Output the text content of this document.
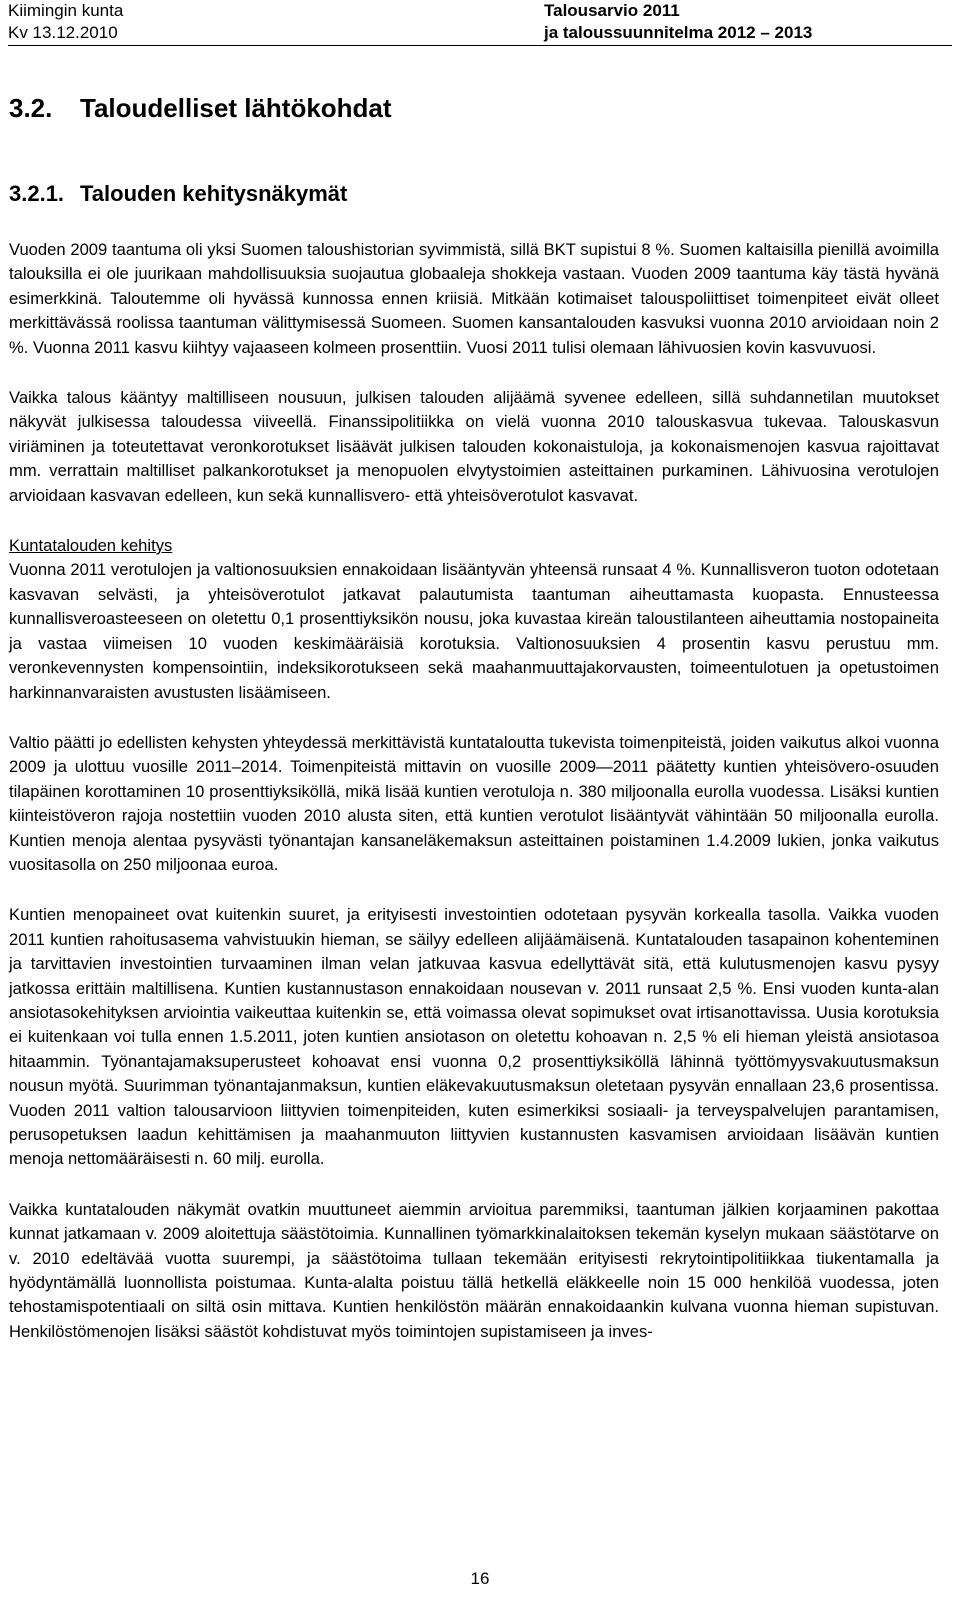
Kiimingin kunta
Kv 13.12.2010
Talousarvio 2011
ja taloussuunnitelma 2012 – 2013
3.2. Taloudelliset lähtökohdat
3.2.1. Talouden kehitysnäkymät

Vuoden 2009 taantuma oli yksi Suomen taloushistorian syvimmistä, sillä BKT supistui 8 %. Suomen kaltaisilla pienillä avoimilla talouksilla ei ole juurikaan mahdollisuuksia suojautua globaaleja shokkeja vastaan. Vuoden 2009 taantuma käy tästä hyvänä esimerkkinä. Taloutemme oli hyvässä kunnossa ennen kriisiä. Mitkään kotimaiset talouspoliittiset toimenpiteet eivät olleet merkittävässä roolissa taantuman välittymisessä Suomeen. Suomen kansantalouden kasvuksi vuonna 2010 arvioidaan noin 2 %. Vuonna 2011 kasvu kiihtyy vajaaseen kolmeen prosenttiin. Vuosi 2011 tulisi olemaan lähivuosien kovin kasvuvuosi.

Vaikka talous kääntyy maltilliseen nousuun, julkisen talouden alijäämä syvenee edelleen, sillä suhdannetilan muutokset näkyvät julkisessa taloudessa viiveellä. Finanssipolitiikka on vielä vuonna 2010 talouskasvua tukevaa. Talouskasvun viriäminen ja toteutettavat veronkorotukset lisäävät julkisen talouden kokonaistuloja, ja kokonaismenojen kasvua rajoittavat mm. verrattain maltilliset palkankorotukset ja menopuolen elvytystoimien asteittainen purkaminen. Lähivuosina verotulojen arvioidaan kasvavan edelleen, kun sekä kunnallisvero- että yhteisöverotulot kasvavat.

Kuntatalouden kehitys

Vuonna 2011 verotulojen ja valtionosuuksien ennakoidaan lisääntyvän yhteensä runsaat 4 %. Kunnallisveron tuoton odotetaan kasvavan selvästi, ja yhteisöverotulot jatkavat palautumista taantuman aiheuttamasta kuopasta. Ennusteessa kunnallisveroasteeseen on oletettu 0,1 prosenttiyksikön nousu, joka kuvastaa kireän taloustilanteen aiheuttamia nostopaineita ja vastaa viimeisen 10 vuoden keskimääräisiä korotuksia. Valtionosuuksien 4 prosentin kasvu perustuu mm. veronkevennysten kompensointiin, indeksikorotukseen sekä maahanmuuttajakorvausten, toimeentulotuen ja opetustoimen harkinnanvaraisten avustusten lisäämiseen.

Valtio päätti jo edellisten kehysten yhteydessä merkittävistä kuntataloutta tukevista toimenpiteistä, joiden vaikutus alkoi vuonna 2009 ja ulottuu vuosille 2011–2014. Toimenpiteistä mittavin on vuosille 2009—2011 päätetty kuntien yhteisövero-osuuden tilapäinen korottaminen 10 prosenttiyksiköllä, mikä lisää kuntien verotuloja n. 380 miljoonalla eurolla vuodessa. Lisäksi kuntien kiinteistöveron rajoja nostettiin vuoden 2010 alusta siten, että kuntien verotulot lisääntyvät vähintään 50 miljoonalla eurolla. Kuntien menoja alentaa pysyvästi työnantajan kansaneläkemaksun asteittainen poistaminen 1.4.2009 lukien, jonka vaikutus vuositasolla on 250 miljoonaa euroa.

Kuntien menopaineet ovat kuitenkin suuret, ja erityisesti investointien odotetaan pysyvän korkealla tasolla. Vaikka vuoden 2011 kuntien rahoitusasema vahvistuukin hieman, se säilyy edelleen alijäämäisenä. Kuntatalouden tasapainon kohenteminen ja tarvittavien investointien turvaaminen ilman velan jatkuvaa kasvua edellyttävät sitä, että kulutusmenojen kasvu pysyy jatkossa erittäin maltillisena. Kuntien kustannustason ennakoidaan nousevan v. 2011 runsaat 2,5 %. Ensi vuoden kunta-alan ansiotasokehityksen arviointia vaikeuttaa kuitenkin se, että voimassa olevat sopimukset ovat irtisanottavissa. Uusia korotuksia ei kuitenkaan voi tulla ennen 1.5.2011, joten kuntien ansiotason on oletettu kohoavan n. 2,5 % eli hieman yleistä ansiotasoa hitaammin. Työnantajamaksuperusteet kohoavat ensi vuonna 0,2 prosenttiyksiköllä lähinnä työttömyysvakuutusmaksun nousun myötä. Suurimman työnantajanmaksun, kuntien eläkevakuutusmaksun oletetaan pysyvän ennallaan 23,6 prosentissa. Vuoden 2011 valtion talousarvioon liittyvien toimenpiteiden, kuten esimerkiksi sosiaali- ja terveyspalvelujen parantamisen, perusopetuksen laadun kehittämisen ja maahanmuuton liittyvien kustannusten kasvamisen arvioidaan lisäävän kuntien menoja nettomääräisesti n. 60 milj. eurolla.

Vaikka kuntatalouden näkymät ovatkin muuttuneet aiemmin arvioitua paremmiksi, taantuman jälkien korjaaminen pakottaa kunnat jatkamaan v. 2009 aloitettuja säästötoimia. Kunnallinen työmarkkinalaitoksen tekemän kyselyn mukaan säästötarve on v. 2010 edeltävää vuotta suurempi, ja säästötoima tullaan tekemään erityisesti rekrytointipolitiikkaa tiukentamalla ja hyödyntämällä luonnollista poistumaa. Kunta-alalta poistuu tällä hetkellä eläkkeelle noin 15 000 henkilöä vuodessa, joten tehostamispotentiaali on siltä osin mittava. Kuntien henkilöstön määrän ennakoidaankin kulvana vuonna hieman supistuvan. Henkilöstömenojen lisäksi säästöt kohdistuvat myös toimintojen supistamiseen ja inves-

16
